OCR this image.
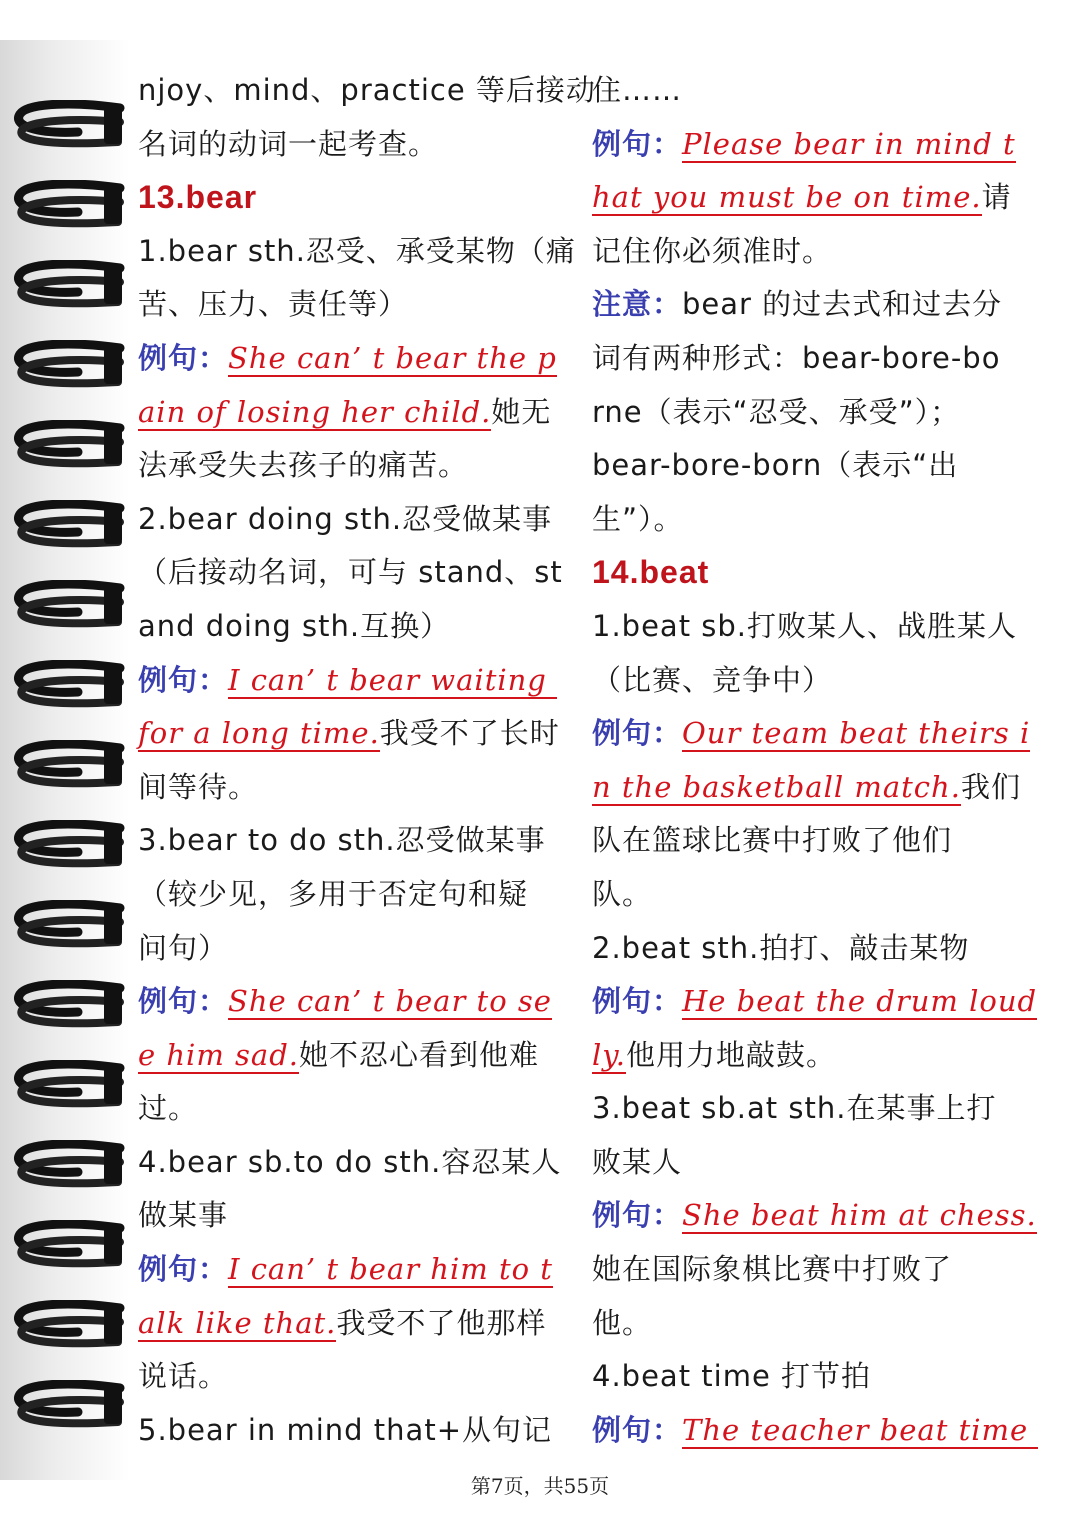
njoy、mind、practice 等后接动
名词的动词一起考查。
13.bear
1.bear sth.忍受、承受某物（痛
苦、压力、责任等）
例句：She can’ t bear the p
ain of losing her child.她无
法承受失去孩子的痛苦。
2.bear doing sth.忍受做某事
（后接动名词，可与 stand、st
and doing sth.互换）
例句：I can’ t bear waiting
for a long time.我受不了长时
间等待。
3.bear to do sth.忍受做某事
（较少见，多用于否定句和疑
问句）
例句：She can’ t bear to se
e him sad.她不忍心看到他难
过。
4.bear sb.to do sth.容忍某人
做某事
例句：I can’ t bear him to t
alk like that.我受不了他那样
说话。
5.bear in mind that+从句记
住……
例句：Please bear in mind t
hat you must be on time.请
记住你必须准时。
注意：bear 的过去式和过去分
词有两种形式：bear-bore-bo
rne（表示“忍受、承受”）；
bear-bore-born（表示“出
生”）。
14.beat
1.beat sb.打败某人、战胜某人
（比赛、竞争中）
例句：Our team beat theirs i
n the basketball match.我们
队在篮球比赛中打败了他们
队。
2.beat sth.拍打、敲击某物
例句：He beat the drum loud
ly.他用力地敲鼓。
3.beat sb.at sth.在某事上打
败某人
例句：She beat him at chess.
她在国际象棋比赛中打败了
他。
4.beat time 打节拍
例句：The teacher beat time
第7页，共55页
